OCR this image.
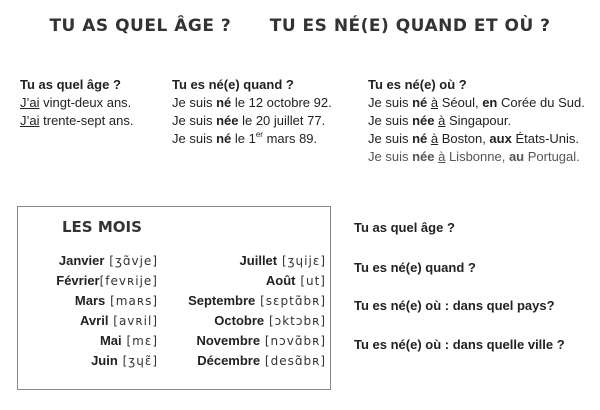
TU AS QUEL ÂGE ?      TU ES NÉ(E) QUAND ET OÙ ?
Tu as quel âge ?
J’ai vingt-deux ans.
J’ai trente-sept ans.
Tu es né(e) quand ?
Je suis né le 12 octobre 92.
Je suis née le 20 juillet 77.
Je suis né le 1er mars 89.
Tu es né(e) où ?
Je suis né à Séoul, en Corée du Sud.
Je suis née à Singapour.
Je suis né à Boston, aux États-Unis.
Je suis née à Lisbonne, au Portugal.
LES MOIS
Janvier [ʒɑ̃vje]
Février[fevʀije]
Mars [maʀs]
Avril [avʀil]
Mai [mɛ]
Juin [ʒɥɛ̃]
Juillet [ʒɥijɛ]
Août [ut]
Septembre [sɛptɑ̃bʀ]
Octobre [ɔktɔbʀ]
Novembre [nɔvɑ̃bʀ]
Décembre [desɑ̃bʀ]
Tu as quel âge ?
Tu es né(e) quand ?
Tu es né(e) où : dans quel pays?
Tu es né(e) où : dans quelle ville ?
